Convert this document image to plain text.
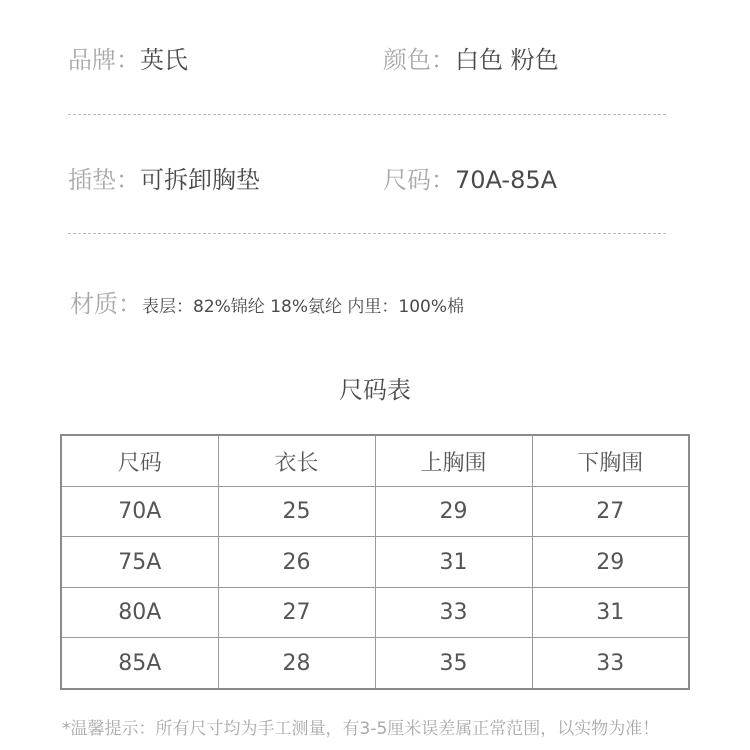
品牌： 英氏	颜色： 白色 粉色
插垫： 可拆卸胸垫	尺码： 70A-85A
材质： 表层：82%锦纶 18%氨纶 内里：100%棉
尺码表
尺码	衣长	上胸围	下胸围
70A	25	29	27
75A	26	31	29
80A	27	33	31
85A	28	35	33
*温馨提示：所有尺寸均为手工测量，有3-5厘米误差属正常范围，以实物为准！
